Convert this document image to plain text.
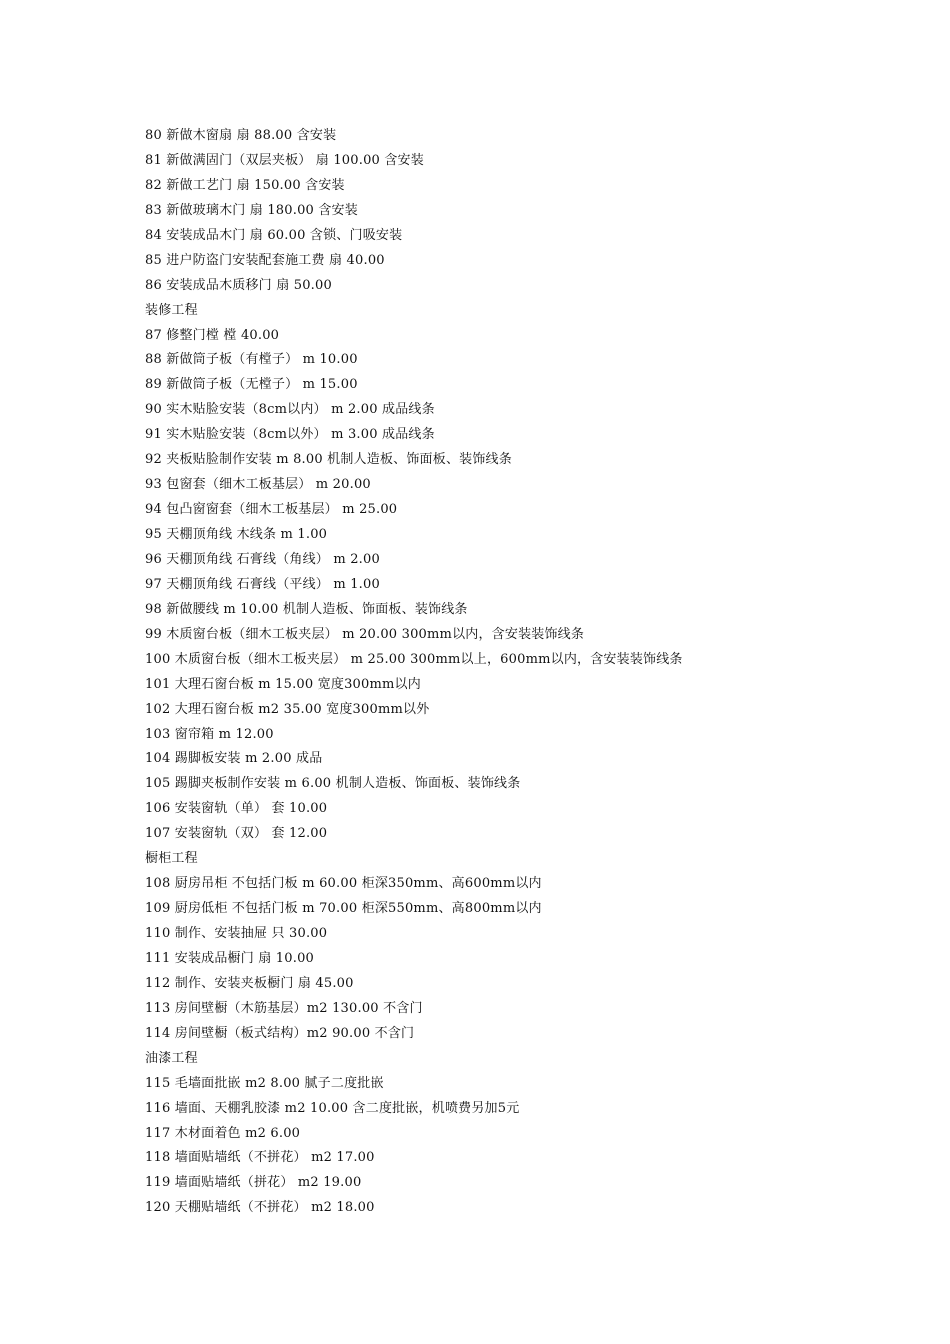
80 新做木窗扇 扇 88.00 含安装
81 新做满固门（双层夹板） 扇 100.00 含安装
82 新做工艺门 扇 150.00 含安装
83 新做玻璃木门 扇 180.00 含安装
84 安装成品木门 扇 60.00 含锁、门吸安装
85 进户防盗门安装配套施工费 扇 40.00
86 安装成品木质移门 扇 50.00
装修工程
87 修整门樘 樘 40.00
88 新做筒子板（有樘子） m 10.00
89 新做筒子板（无樘子） m 15.00
90 实木贴脸安装（8cm以内） m 2.00 成品线条
91 实木贴脸安装（8cm以外） m 3.00 成品线条
92 夹板贴脸制作安装 m 8.00 机制人造板、饰面板、装饰线条
93 包窗套（细木工板基层） m 20.00
94 包凸窗窗套（细木工板基层） m 25.00
95 天棚顶角线 木线条 m 1.00
96 天棚顶角线 石膏线（角线） m 2.00
97 天棚顶角线 石膏线（平线） m 1.00
98 新做腰线 m 10.00 机制人造板、饰面板、装饰线条
99 木质窗台板（细木工板夹层） m 20.00 300mm以内，含安装装饰线条
100 木质窗台板（细木工板夹层） m 25.00 300mm以上，600mm以内，含安装装饰线条
101 大理石窗台板 m 15.00 宽度300mm以内
102 大理石窗台板 m2 35.00 宽度300mm以外
103 窗帘箱 m 12.00
104 踢脚板安装 m 2.00 成品
105 踢脚夹板制作安装 m 6.00 机制人造板、饰面板、装饰线条
106 安装窗轨（单） 套 10.00
107 安装窗轨（双） 套 12.00
橱柜工程
108 厨房吊柜 不包括门板 m 60.00 柜深350mm、高600mm以内
109 厨房低柜 不包括门板 m 70.00 柜深550mm、高800mm以内
110 制作、安装抽屉 只 30.00
111 安装成品橱门 扇 10.00
112 制作、安装夹板橱门 扇 45.00
113 房间壁橱（木筋基层）m2 130.00 不含门
114 房间壁橱（板式结构）m2 90.00 不含门
油漆工程
115 毛墙面批嵌 m2 8.00 腻子二度批嵌
116 墙面、天棚乳胶漆 m2 10.00 含二度批嵌，机喷费另加5元
117 木材面着色 m2 6.00
118 墙面贴墙纸（不拼花） m2 17.00
119 墙面贴墙纸（拼花） m2 19.00
120 天棚贴墙纸（不拼花） m2 18.00
